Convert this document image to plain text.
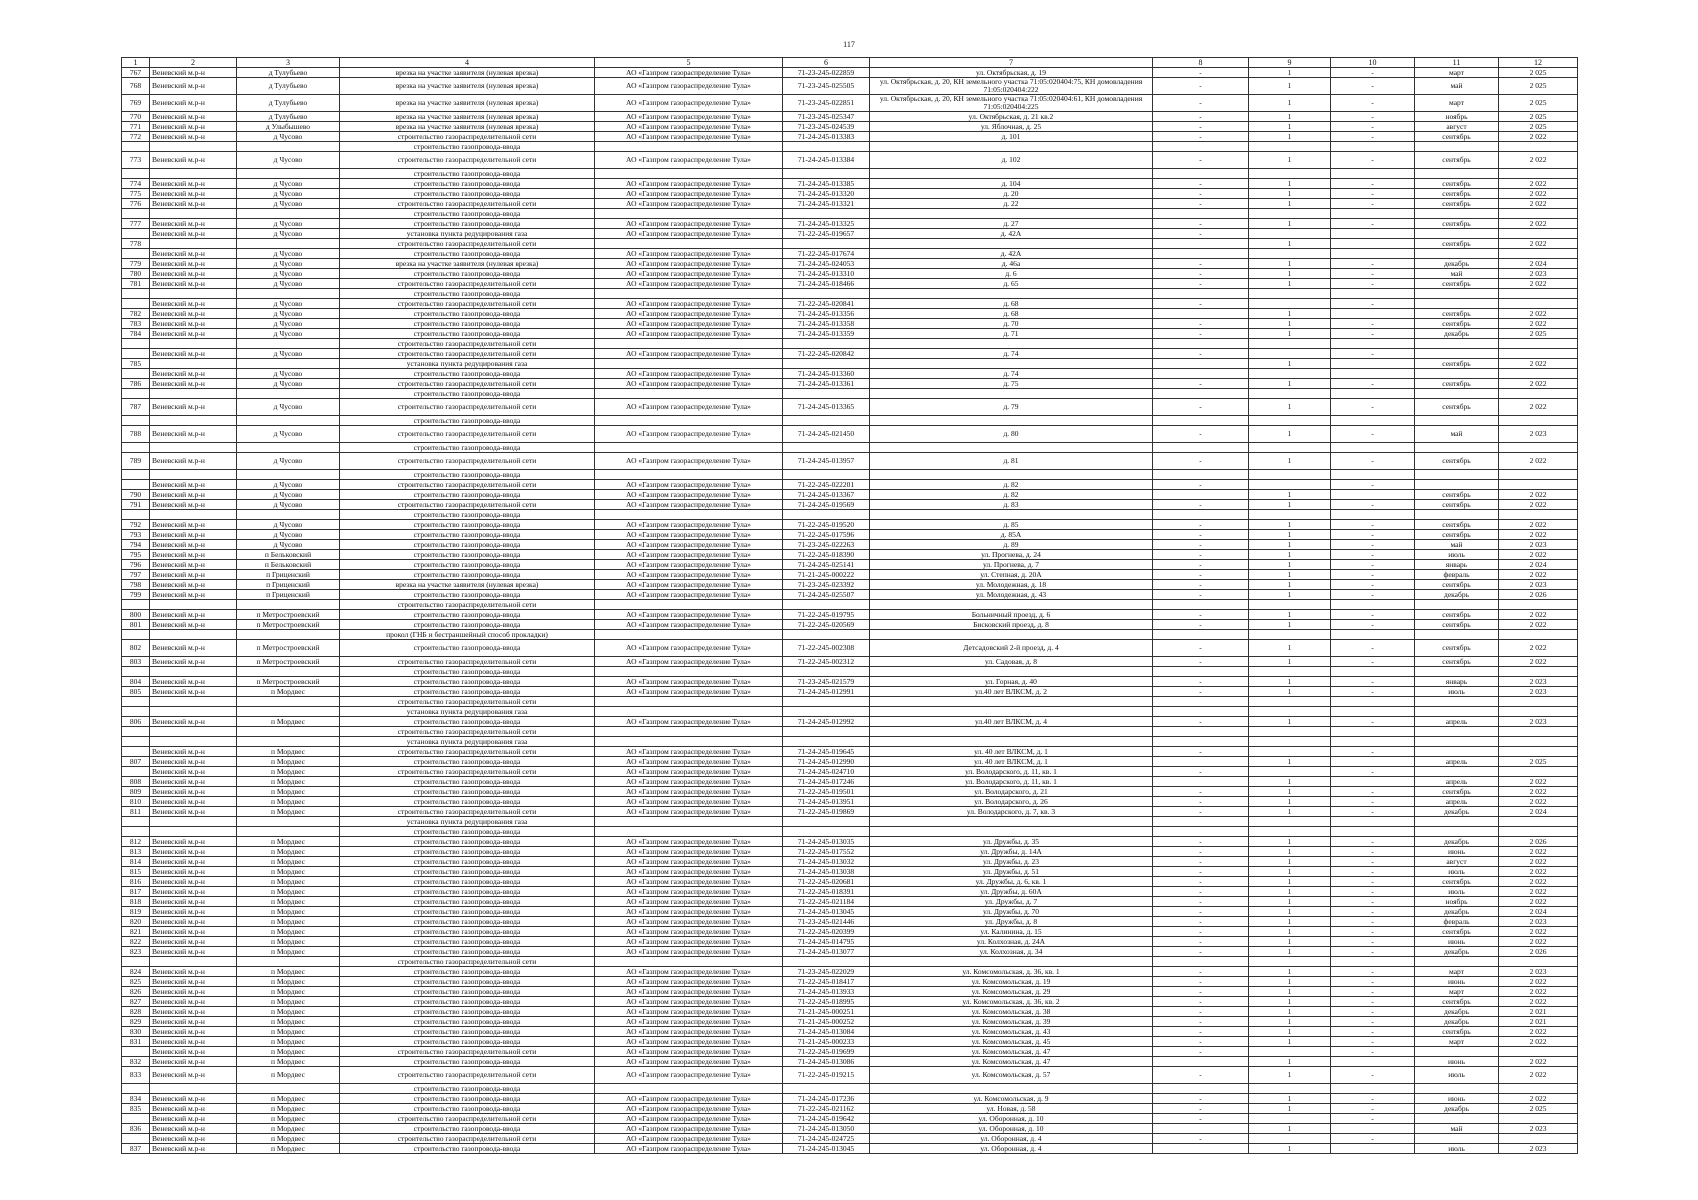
117
1	2	3	4	5	6	7	8	9	10	11	12
767	Веневский м.р-н	д Тулубьево	врезка на участке заявителя (нулевая врезка)	АО «Газпром газораспределение Тула»	71-23-245-022859	ул. Октябрьская, д. 19	-	1	-	март	2 025
768	Веневский м.р-н	д Тулубьево	врезка на участке заявителя (нулевая врезка)	АО «Газпром газораспределение Тула»	71-23-245-025505	ул. Октябрьская, д. 20, КН земельного участка 71:05:020404:75, КН домовладения 71:05:020404:222	-	1	-	май	2 025
769	Веневский м.р-н	д Тулубьево	врезка на участке заявителя (нулевая врезка)	АО «Газпром газораспределение Тула»	71-23-245-022851	ул. Октябрьская, д. 20, КН земельного участка 71:05:020404:61, КН домовладения 71:05:020404:225	-	1	-	март	2 025
770	Веневский м.р-н	д Тулубьево	врезка на участке заявителя (нулевая врезка)	АО «Газпром газораспределение Тула»	71-23-245-025347	ул. Октябрьская, д. 21 кв.2	-	1	-	ноябрь	2 025
771	Веневский м.р-н	д Улыбышево	врезка на участке заявителя (нулевая врезка)	АО «Газпром газораспределение Тула»	71-23-245-024539	ул. Яблочная, д. 25	-	1	-	август	2 025
772	Веневский м.р-н	д Чусово	строительство газораспределительной сети	АО «Газпром газораспределение Тула»	71-24-245-013383	д. 101	-	1	-	сентябрь	2 022
			строительство газопровода-ввода								
773	Веневский м.р-н	д Чусово	строительство газораспределительной сети	АО «Газпром газораспределение Тула»	71-24-245-013384	д. 102	-	1	-	сентябрь	2 022
			строительство газопровода-ввода								
774	Веневский м.р-н	д Чусово	строительство газопровода-ввода	АО «Газпром газораспределение Тула»	71-24-245-013385	д. 104	-	1	-	сентябрь	2 022
775	Веневский м.р-н	д Чусово	строительство газопровода-ввода	АО «Газпром газораспределение Тула»	71-24-245-013320	д. 20	-	1	-	сентябрь	2 022
776	Веневский м.р-н	д Чусово	строительство газораспределительной сети	АО «Газпром газораспределение Тула»	71-24-245-013321	д. 22	-	1	-	сентябрь	2 022
			строительство газопровода-ввода								
777	Веневский м.р-н	д Чусово	строительство газопровода-ввода	АО «Газпром газораспределение Тула»	71-24-245-013325	д. 27	-	1	-	сентябрь	2 022
	Веневский м.р-н	д Чусово	установка пункта редуцирования газа	АО «Газпром газораспределение Тула»	71-22-245-019657	д. 42А	-				
778			строительство газораспределительной сети					1		сентябрь	2 022
	Веневский м.р-н	д Чусово	строительство газопровода-ввода	АО «Газпром газораспределение Тула»	71-22-245-017674	д. 42А					
779	Веневский м.р-н	д Чусово	врезка на участке заявителя (нулевая врезка)	АО «Газпром газораспределение Тула»	71-24-245-024053	д. 46а	-	1	-	декабрь	2 024
780	Веневский м.р-н	д Чусово	строительство газопровода-ввода	АО «Газпром газораспределение Тула»	71-24-245-013310	д. 6	-	1	-	май	2 023
781	Веневский м.р-н	д Чусово	строительство газораспределительной сети	АО «Газпром газораспределение Тула»	71-24-245-018466	д. 65	-	1	-	сентябрь	2 022
			строительство газопровода-ввода								
	Веневский м.р-н	д Чусово	строительство газораспределительной сети	АО «Газпром газораспределение Тула»	71-22-245-020841	д. 68	-		-		
782	Веневский м.р-н	д Чусово	строительство газопровода-ввода	АО «Газпром газораспределение Тула»	71-24-245-013356	д. 68		1		сентябрь	2 022
783	Веневский м.р-н	д Чусово	строительство газопровода-ввода	АО «Газпром газораспределение Тула»	71-24-245-013358	д. 70	-	1	-	сентябрь	2 022
784	Веневский м.р-н	д Чусово	строительство газопровода-ввода	АО «Газпром газораспределение Тула»	71-24-245-013359	д. 71	-	1	-	декабрь	2 025
			строительство газораспределительной сети								
	Веневский м.р-н	д Чусово	строительство газораспределительной сети	АО «Газпром газораспределение Тула»	71-22-245-020842	д. 74	-		-		
785			установка пункта редуцирования газа					1		сентябрь	2 022
	Веневский м.р-н	д Чусово	строительство газопровода-ввода	АО «Газпром газораспределение Тула»	71-24-245-013360	д. 74					
786	Веневский м.р-н	д Чусово	строительство газораспределительной сети	АО «Газпром газораспределение Тула»	71-24-245-013361	д. 75	-	1	-	сентябрь	2 022
			строительство газопровода-ввода								
787	Веневский м.р-н	д Чусово	строительство газораспределительной сети	АО «Газпром газораспределение Тула»	71-24-245-013365	д. 79	-	1	-	сентябрь	2 022
			строительство газопровода-ввода								
788	Веневский м.р-н	д Чусово	строительство газораспределительной сети	АО «Газпром газораспределение Тула»	71-24-245-021450	д. 80	-	1	-	май	2 023
			строительство газопровода-ввода								
789	Веневский м.р-н	д Чусово	строительство газораспределительной сети	АО «Газпром газораспределение Тула»	71-24-245-013957	д. 81	-	1	-	сентябрь	2 022
			строительство газопровода-ввода								
	Веневский м.р-н	д Чусово	строительство газораспределительной сети	АО «Газпром газораспределение Тула»	71-22-245-022201	д. 82	-		-		
790	Веневский м.р-н	д Чусово	строительство газопровода-ввода	АО «Газпром газораспределение Тула»	71-24-245-013367	д. 82		1		сентябрь	2 022
791	Веневский м.р-н	д Чусово	строительство газораспределительной сети	АО «Газпром газораспределение Тула»	71-24-245-019569	д. 83	-	1	-	сентябрь	2 022
			строительство газопровода-ввода								
792	Веневский м.р-н	д Чусово	строительство газопровода-ввода	АО «Газпром газораспределение Тула»	71-22-245-019520	д. 85	-	1	-	сентябрь	2 022
793	Веневский м.р-н	д Чусово	строительство газопровода-ввода	АО «Газпром газораспределение Тула»	71-22-245-017596	д. 85А	-	1	-	сентябрь	2 022
794	Веневский м.р-н	д Чусово	строительство газопровода-ввода	АО «Газпром газораспределение Тула»	71-23-245-022263	д. 89	-	1	-	май	2 023
795	Веневский м.р-н	п Бельковский	строительство газопровода-ввода	АО «Газпром газораспределение Тула»	71-22-245-018390	ул. Прогнева, д. 24	-	1	-	июль	2 022
796	Веневский м.р-н	п Бельковский	строительство газопровода-ввода	АО «Газпром газораспределение Тула»	71-24-245-025141	ул. Прогнева, д. 7	-	1	-	январь	2 024
797	Веневский м.р-н	п Гриценский	строительство газопровода-ввода	АО «Газпром газораспределение Тула»	71-21-245-000222	ул. Степная, д. 20А	-	1	-	февраль	2 022
798	Веневский м.р-н	п Гриценский	врезка на участке заявителя (нулевая врезка)	АО «Газпром газораспределение Тула»	71-23-245-023392	ул. Молодежная, д. 18	-	1	-	сентябрь	2 023
799	Веневский м.р-н	п Гриценский	строительство газопровода-ввода	АО «Газпром газораспределение Тула»	71-24-245-025507	ул. Молодежная, д. 43	-	1	-	декабрь	2 026
			строительство газораспределительной сети								
800	Веневский м.р-н	п Метростроевский	строительство газопровода-ввода	АО «Газпром газораспределение Тула»	71-22-245-019795	Больничный проезд, д. 6	-	1	-	сентябрь	2 022
801	Веневский м.р-н	п Метростроевский	строительство газопровода-ввода	АО «Газпром газораспределение Тула»	71-22-245-020569	Бисковский проезд, д. 8	-	1	-	сентябрь	2 022
			прокол (ГНБ и бестраншейный способ прокладки)								
802	Веневский м.р-н	п Метростроевский	строительство газопровода-ввода	АО «Газпром газораспределение Тула»	71-22-245-002308	Детсадовский 2-й проезд, д. 4	-	1	-	сентябрь	2 022
803	Веневский м.р-н	п Метростроевский	строительство газораспределительной сети	АО «Газпром газораспределение Тула»	71-22-245-002312	ул. Садовая, д. 8	-	1	-	сентябрь	2 022
			строительство газопровода-ввода								
804	Веневский м.р-н	п Метростроевский	строительство газопровода-ввода	АО «Газпром газораспределение Тула»	71-23-245-021579	ул. Горная, д. 40	-	1	-	январь	2 023
805	Веневский м.р-н	п Мордвес	строительство газопровода-ввода	АО «Газпром газораспределение Тула»	71-24-245-012991	ул.40 лет ВЛКСМ, д. 2	-	1	-	июль	2 023
			строительство газораспределительной сети								
			установка пункта редуцирования газа								
806	Веневский м.р-н	п Мордвес	строительство газопровода-ввода	АО «Газпром газораспределение Тула»	71-24-245-012992	ул.40 лет ВЛКСМ, д. 4	-	1	-	апрель	2 023
			строительство газораспределительной сети								
			установка пункта редуцирования газа								
	Веневский м.р-н	п Мордвес	строительство газораспределительной сети	АО «Газпром газораспределение Тула»	71-24-245-019645	ул. 40 лет ВЛКСМ, д. 1	-		-		
807	Веневский м.р-н	п Мордвес	строительство газопровода-ввода	АО «Газпром газораспределение Тула»	71-24-245-012990	ул. 40 лет ВЛКСМ, д. 1		1		апрель	2 025
	Веневский м.р-н	п Мордвес	строительство газораспределительной сети	АО «Газпром газораспределение Тула»	71-24-245-024710	ул. Володарского, д. 11, кв. 1	-		-		
808	Веневский м.р-н	п Мордвес	строительство газопровода-ввода	АО «Газпром газораспределение Тула»	71-24-245-017246	ул. Володарского, д. 11, кв. 1		1		апрель	2 022
809	Веневский м.р-н	п Мордвес	строительство газопровода-ввода	АО «Газпром газораспределение Тула»	71-22-245-019501	ул. Володарского, д. 21	-	1	-	сентябрь	2 022
810	Веневский м.р-н	п Мордвес	строительство газопровода-ввода	АО «Газпром газораспределение Тула»	71-24-245-013951	ул. Володарского, д. 26	-	1	-	апрель	2 022
811	Веневский м.р-н	п Мордвес	строительство газораспределительной сети	АО «Газпром газораспределение Тула»	71-22-245-019869	ул. Володарского, д. 7, кв. 3	-	1	-	декабрь	2 024
			установка пункта редуцирования газа								
			строительство газопровода-ввода								
812	Веневский м.р-н	п Мордвес	строительство газопровода-ввода	АО «Газпром газораспределение Тула»	71-24-245-013035	ул. Дружбы, д. 35	-	1	-	декабрь	2 026
813	Веневский м.р-н	п Мордвес	строительство газопровода-ввода	АО «Газпром газораспределение Тула»	71-22-245-017552	ул. Дружбы, д. 14А	-	1	-	июнь	2 022
814	Веневский м.р-н	п Мордвес	строительство газопровода-ввода	АО «Газпром газораспределение Тула»	71-24-245-013032	ул. Дружбы, д. 23	-	1	-	август	2 022
815	Веневский м.р-н	п Мордвес	строительство газопровода-ввода	АО «Газпром газораспределение Тула»	71-24-245-013038	ул. Дружбы, д. 51	-	1	-	июль	2 022
816	Веневский м.р-н	п Мордвес	строительство газопровода-ввода	АО «Газпром газораспределение Тула»	71-22-245-020681	ул. Дружбы, д. 6, кв. 1	-	1	-	сентябрь	2 022
817	Веневский м.р-н	п Мордвес	строительство газопровода-ввода	АО «Газпром газораспределение Тула»	71-22-245-018391	ул. Дружбы, д. 60А	-	1	-	июль	2 022
818	Веневский м.р-н	п Мордвес	строительство газопровода-ввода	АО «Газпром газораспределение Тула»	71-22-245-021184	ул. Дружбы, д. 7	-	1	-	ноябрь	2 022
819	Веневский м.р-н	п Мордвес	строительство газопровода-ввода	АО «Газпром газораспределение Тула»	71-24-245-013045	ул. Дружбы, д. 70	-	1	-	декабрь	2 024
820	Веневский м.р-н	п Мордвес	строительство газопровода-ввода	АО «Газпром газораспределение Тула»	71-23-245-021446	ул. Дружбы, д. 8	-	1	-	февраль	2 023
821	Веневский м.р-н	п Мордвес	строительство газопровода-ввода	АО «Газпром газораспределение Тула»	71-22-245-020399	ул. Калинина, д. 15	-	1	-	сентябрь	2 022
822	Веневский м.р-н	п Мордвес	строительство газопровода-ввода	АО «Газпром газораспределение Тула»	71-24-245-014795	ул. Колхозная, д. 24А	-	1	-	июнь	2 022
823	Веневский м.р-н	п Мордвес	строительство газопровода-ввода	АО «Газпром газораспределение Тула»	71-24-245-013077	ул. Колхозная, д. 34	-	1	-	декабрь	2 026
			строительство газораспределительной сети								
824	Веневский м.р-н	п Мордвес	строительство газопровода-ввода	АО «Газпром газораспределение Тула»	71-23-245-022029	ул. Комсомольская, д. 36, кв. 1	-	1	-	март	2 023
825	Веневский м.р-н	п Мордвес	строительство газопровода-ввода	АО «Газпром газораспределение Тула»	71-22-245-018417	ул. Комсомольская, д. 19	-	1	-	июнь	2 022
826	Веневский м.р-н	п Мордвес	строительство газопровода-ввода	АО «Газпром газораспределение Тула»	71-24-245-013933	ул. Комсомольская, д. 29	-	1	-	март	2 022
827	Веневский м.р-н	п Мордвес	строительство газопровода-ввода	АО «Газпром газораспределение Тула»	71-22-245-018995	ул. Комсомольская, д. 36, кв. 2	-	1	-	сентябрь	2 022
828	Веневский м.р-н	п Мордвес	строительство газопровода-ввода	АО «Газпром газораспределение Тула»	71-21-245-000251	ул. Комсомольская, д. 38	-	1	-	декабрь	2 021
829	Веневский м.р-н	п Мордвес	строительство газопровода-ввода	АО «Газпром газораспределение Тула»	71-21-245-000252	ул. Комсомольская, д. 39	-	1	-	декабрь	2 021
830	Веневский м.р-н	п Мордвес	строительство газопровода-ввода	АО «Газпром газораспределение Тула»	71-24-245-013084	ул. Комсомольская, д. 43	-	1	-	сентябрь	2 022
831	Веневский м.р-н	п Мордвес	строительство газопровода-ввода	АО «Газпром газораспределение Тула»	71-21-245-000233	ул. Комсомольская, д. 45	-	1	-	март	2 022
	Веневский м.р-н	п Мордвес	строительство газораспределительной сети	АО «Газпром газораспределение Тула»	71-22-245-019699	ул. Комсомольская, д. 47	-		-		
832	Веневский м.р-н	п Мордвес	строительство газопровода-ввода	АО «Газпром газораспределение Тула»	71-24-245-013086	ул. Комсомольская, д. 47		1		июнь	2 022
833	Веневский м.р-н	п Мордвес	строительство газораспределительной сети	АО «Газпром газораспределение Тула»	71-22-245-019215	ул. Комсомольская, д. 57	-	1	-	июль	2 022
			строительство газопровода-ввода								
834	Веневский м.р-н	п Мордвес	строительство газопровода-ввода	АО «Газпром газораспределение Тула»	71-24-245-017236	ул. Комсомольская, д. 9	-	1	-	июнь	2 022
835	Веневский м.р-н	п Мордвес	строительство газопровода-ввода	АО «Газпром газораспределение Тула»	71-22-245-021162	ул. Новая, д. 58	-	1	-	декабрь	2 025
	Веневский м.р-н	п Мордвес	строительство газораспределительной сети	АО «Газпром газораспределение Тула»	71-24-245-019642	ул. Оборонная, д. 10	-		-		
836	Веневский м.р-н	п Мордвес	строительство газопровода-ввода	АО «Газпром газораспределение Тула»	71-24-245-013050	ул. Оборонная, д. 10		1		май	2 023
	Веневский м.р-н	п Мордвес	строительство газораспределительной сети	АО «Газпром газораспределение Тула»	71-24-245-024725	ул. Оборонная, д. 4	-		-		
837	Веневский м.р-н	п Мордвес	строительство газопровода-ввода	АО «Газпром газораспределение Тула»	71-24-245-013045	ул. Оборонная, д. 4		1		июль	2 023
